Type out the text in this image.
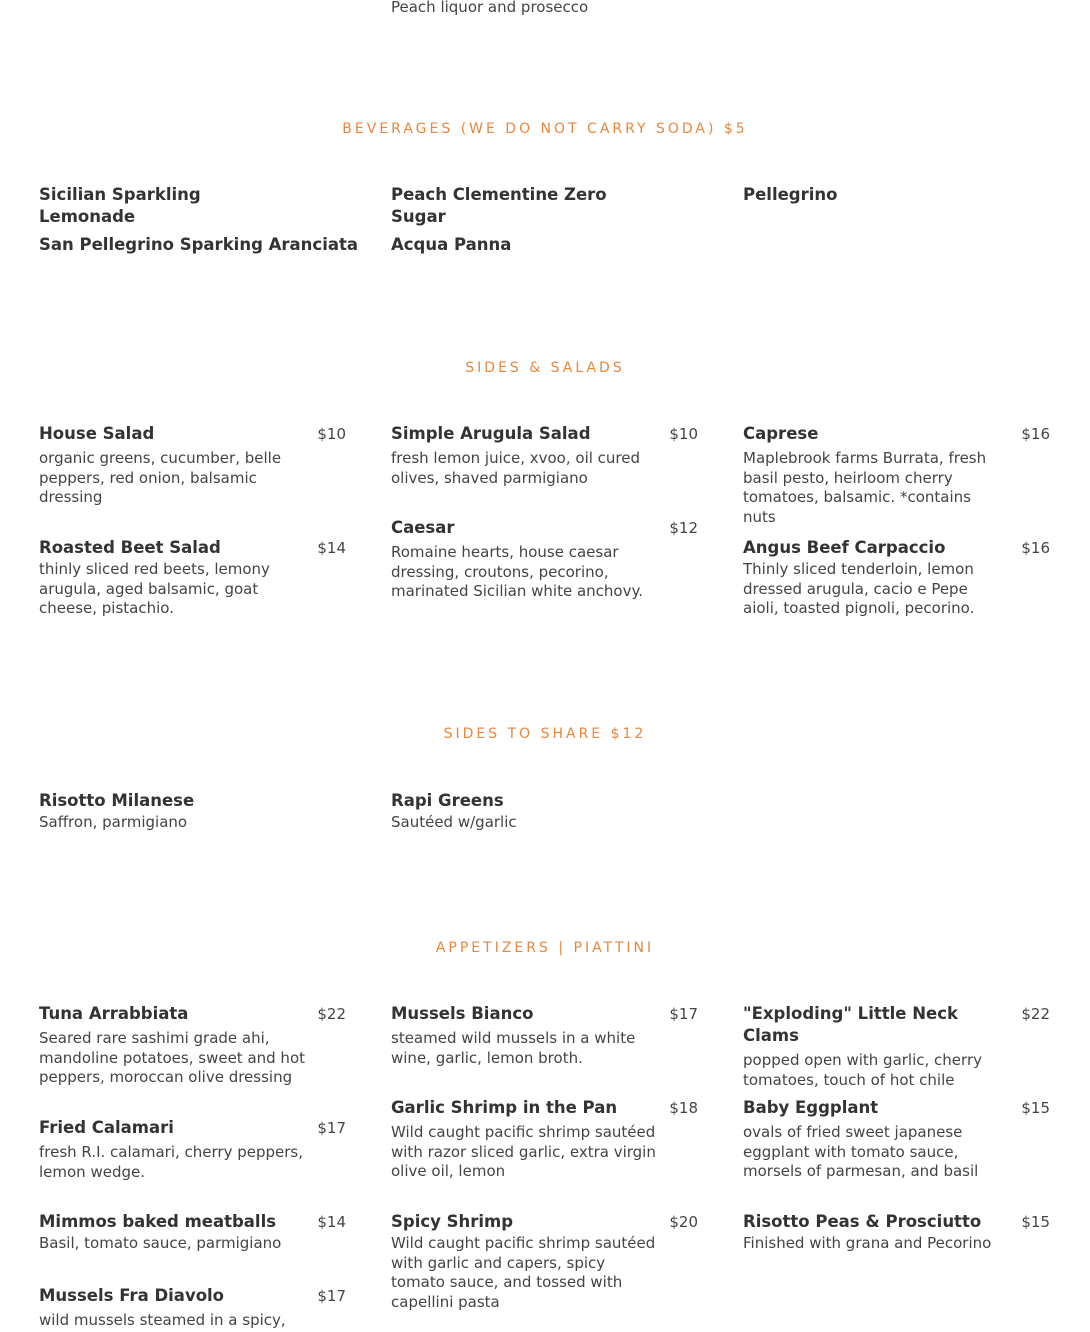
Peach liquor and prosecco
BEVERAGES (WE DO NOT CARRY SODA) $5
Sicilian Sparkling Lemonade
Peach Clementine Zero Sugar
Pellegrino
San Pellegrino Sparking Aranciata	Acqua Panna
SIDES & SALADS
House Salad	$10
organic greens, cucumber, belle peppers, red onion, balsamic dressing
Simple Arugula Salad	$10
fresh lemon juice, xvoo, oil cured olives, shaved parmigiano
Caprese	$16
Maplebrook farms Burrata, fresh basil pesto, heirloom cherry tomatoes, balsamic. *contains nuts
Roasted Beet Salad	$14
thinly sliced red beets, lemony arugula, aged balsamic, goat cheese, pistachio.
Caesar	$12
Romaine hearts, house caesar dressing, croutons, pecorino, marinated Sicilian white anchovy.
Angus Beef Carpaccio	$16
Thinly sliced tenderloin, lemon dressed arugula, cacio e Pepe aioli, toasted pignoli, pecorino.
SIDES TO SHARE $12
Risotto Milanese
Saffron, parmigiano
Rapi Greens
Sautéed w/garlic
APPETIZERS | PIATTINI
Tuna Arrabbiata	$22
Seared rare sashimi grade ahi, mandoline potatoes, sweet and hot peppers, moroccan olive dressing
Mussels Bianco	$17
steamed wild mussels in a white wine, garlic, lemon broth.
"Exploding" Little Neck Clams
$22
popped open with garlic, cherry tomatoes, touch of hot chile
Fried Calamari	$17
fresh R.I. calamari, cherry peppers, lemon wedge.
Garlic Shrimp in the Pan	$18
Wild caught pacific shrimp sautéed with razor sliced garlic, extra virgin olive oil, lemon
Baby Eggplant	$15
ovals of fried sweet japanese eggplant with tomato sauce, morsels of parmesan, and basil
Mimmos baked meatballs	$14
Basil, tomato sauce, parmigiano
Spicy Shrimp	$20
Wild caught pacific shrimp sautéed with garlic and capers, spicy tomato sauce, and tossed with capellini pasta
Risotto Peas & Prosciutto	$15
Finished with grana and Pecorino
Mussels Fra Diavolo	$17
wild mussels steamed in a spicy,
